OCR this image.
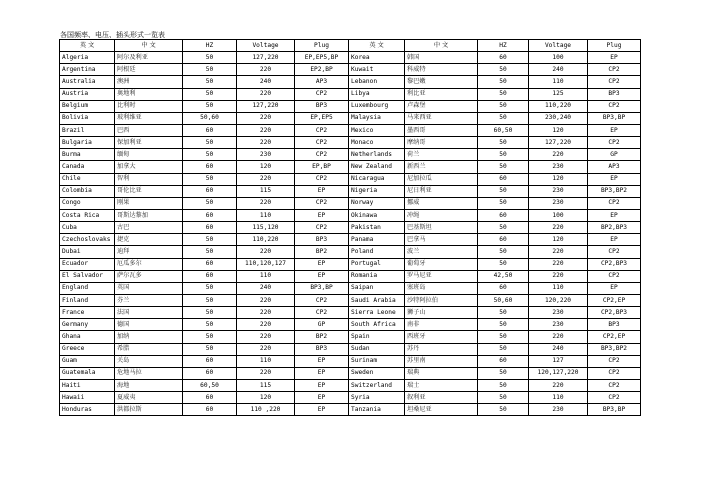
各国频率、电压、插头形式一览表
英 文	中 文	HZ	Voltage	Plug	英 文	中 文	HZ	Voltage	Plug
Algeria	阿尔及利亚	50	127,220	EP,EP5,BP	Korea	韩国	60	100	EP
Argentina	阿根廷	50	220	EP2,BP	Kuwait	科威特	50	240	CP2
Australia	澳洲	50	240	AP3	Lebanon	黎巴嫩	50	110	CP2
Austria	奥地利	50	220	CP2	Libya	利比亚	50	125	BP3
Belgium	比利时	50	127,220	BP3	Luxembourg	卢森堡	50	110,220	CP2
Bolivia	玻利维亚	50,60	220	EP,EP5	Malaysia	马来西亚	50	230,240	BP3,BP
Brazil	巴西	60	220	CP2	Mexico	墨西哥	60,50	120	EP
Bulgaria	保加利亚	50	220	CP2	Monaco	摩纳哥	50	127,220	CP2
Burma	缅甸	50	230	CP2	Netherlands	荷兰	50	220	GP
Canada	加拿大	60	120	EP,BP	New Zealand	新西兰	50	230	AP3
Chile	智利	50	220	CP2	Nicaragua	尼加拉瓜	60	120	EP
Colombia	哥伦比亚	60	115	EP	Nigeria	尼日利亚	50	230	BP3,BP2
Congo	刚果	50	220	CP2	Norway	挪威	50	230	CP2
Costa Rica	哥斯达黎加	60	110	EP	Okinawa	冲绳	60	100	EP
Cuba	古巴	60	115,120	CP2	Pakistan	巴基斯坦	50	220	BP2,BP3
Czechoslovaks	捷克	50	110,220	BP3	Panama	巴拿马	60	120	EP
Dubai	迪拜	50	220	BP2	Poland	波兰	50	220	CP2
Ecuador	厄瓜多尔	60	110,120,127	EP	Portugal	葡萄牙	50	220	CP2,BP3
El Salvador	萨尔瓦多	60	110	EP	Romania	罗马尼亚	42,50	220	CP2
England	英国	50	240	BP3,BP	Saipan	塞班岛	60	110	EP
Finland	芬兰	50	220	CP2	Saudi Arabia	沙特阿拉伯	50,60	120,220	CP2,EP
France	法国	50	220	CP2	Sierra Leone	狮子山	50	230	CP2,BP3
Germany	德国	50	220	GP	South Africa	南非	50	230	BP3
Ghana	加纳	50	220	BP2	Spain	西班牙	50	220	CP2,EP
Greece	希腊	50	220	BP3	Sudan	苏丹	50	240	BP3,BP2
Guam	关岛	60	110	EP	Surinam	苏里南	60	127	CP2
Guatemala	危地马拉	60	220	EP	Sweden	瑞典	50	120,127,220	CP2
Haiti	海地	60,50	115	EP	Switzerland	瑞士	50	220	CP2
Hawaii	夏威夷	60	120	EP	Syria	叙利亚	50	110	CP2
Honduras	洪都拉斯	60	110 ,220	EP	Tanzania	坦桑尼亚	50	230	BP3,BP
